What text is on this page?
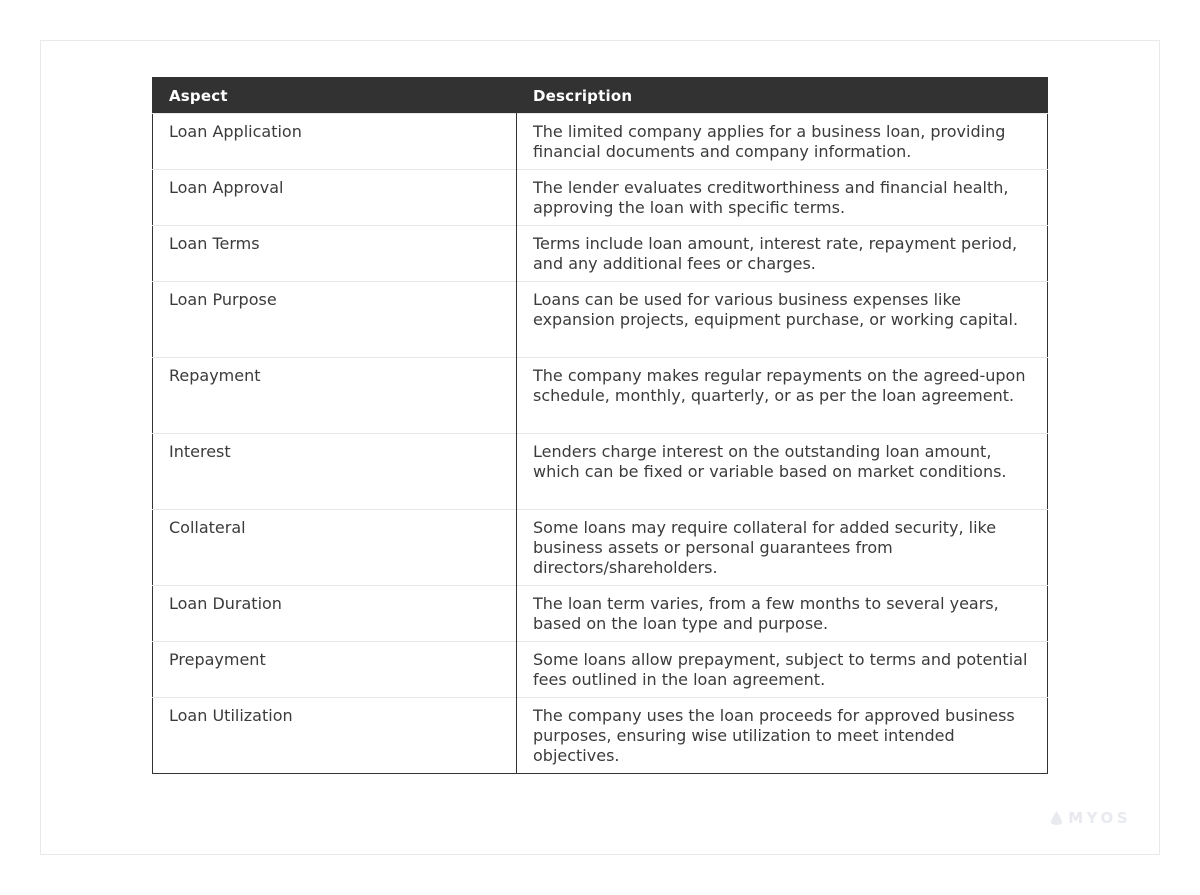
Aspect	Description
Loan Application	The limited company applies for a business loan, providing financial documents and company information.
Loan Approval	The lender evaluates creditworthiness and financial health, approving the loan with specific terms.
Loan Terms	Terms include loan amount, interest rate, repayment period, and any additional fees or charges.
Loan Purpose	Loans can be used for various business expenses like expansion projects, equipment purchase, or working capital.
Repayment	The company makes regular repayments on the agreed-upon schedule, monthly, quarterly, or as per the loan agreement.
Interest	Lenders charge interest on the outstanding loan amount, which can be fixed or variable based on market conditions.
Collateral	Some loans may require collateral for added security, like business assets or personal guarantees from directors/shareholders.
Loan Duration	The loan term varies, from a few months to several years, based on the loan type and purpose.
Prepayment	Some loans allow prepayment, subject to terms and potential fees outlined in the loan agreement.
Loan Utilization	The company uses the loan proceeds for approved business purposes, ensuring wise utilization to meet intended objectives.
MYOS
